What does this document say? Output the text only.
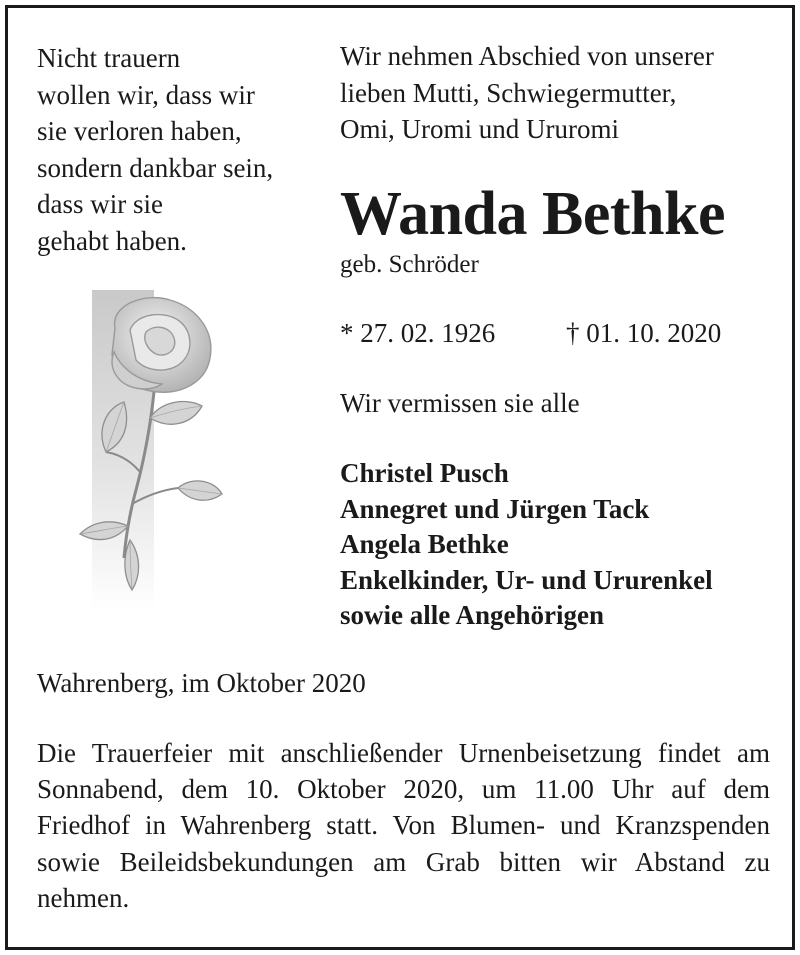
Nicht trauern
wollen wir, dass wir
sie verloren haben,
sondern dankbar sein,
dass wir sie
gehabt haben.
Wir nehmen Abschied von unserer
lieben Mutti, Schwiegermutter,
Omi, Uromi und Ururomi
Wanda Bethke
geb. Schröder
* 27. 02. 1926	† 01. 10. 2020
Wir vermissen sie alle
Christel Pusch
Annegret und Jürgen Tack
Angela Bethke
Enkelkinder, Ur- und Ururenkel
sowie alle Angehörigen
Wahrenberg, im Oktober 2020
Die Trauerfeier mit anschließender Urnenbeisetzung findet am Sonnabend, dem 10. Oktober 2020, um 11.00 Uhr auf dem Friedhof in Wahrenberg statt. Von Blumen- und Kranzspenden sowie Beileidsbekundungen am Grab bitten wir Abstand zu nehmen.
